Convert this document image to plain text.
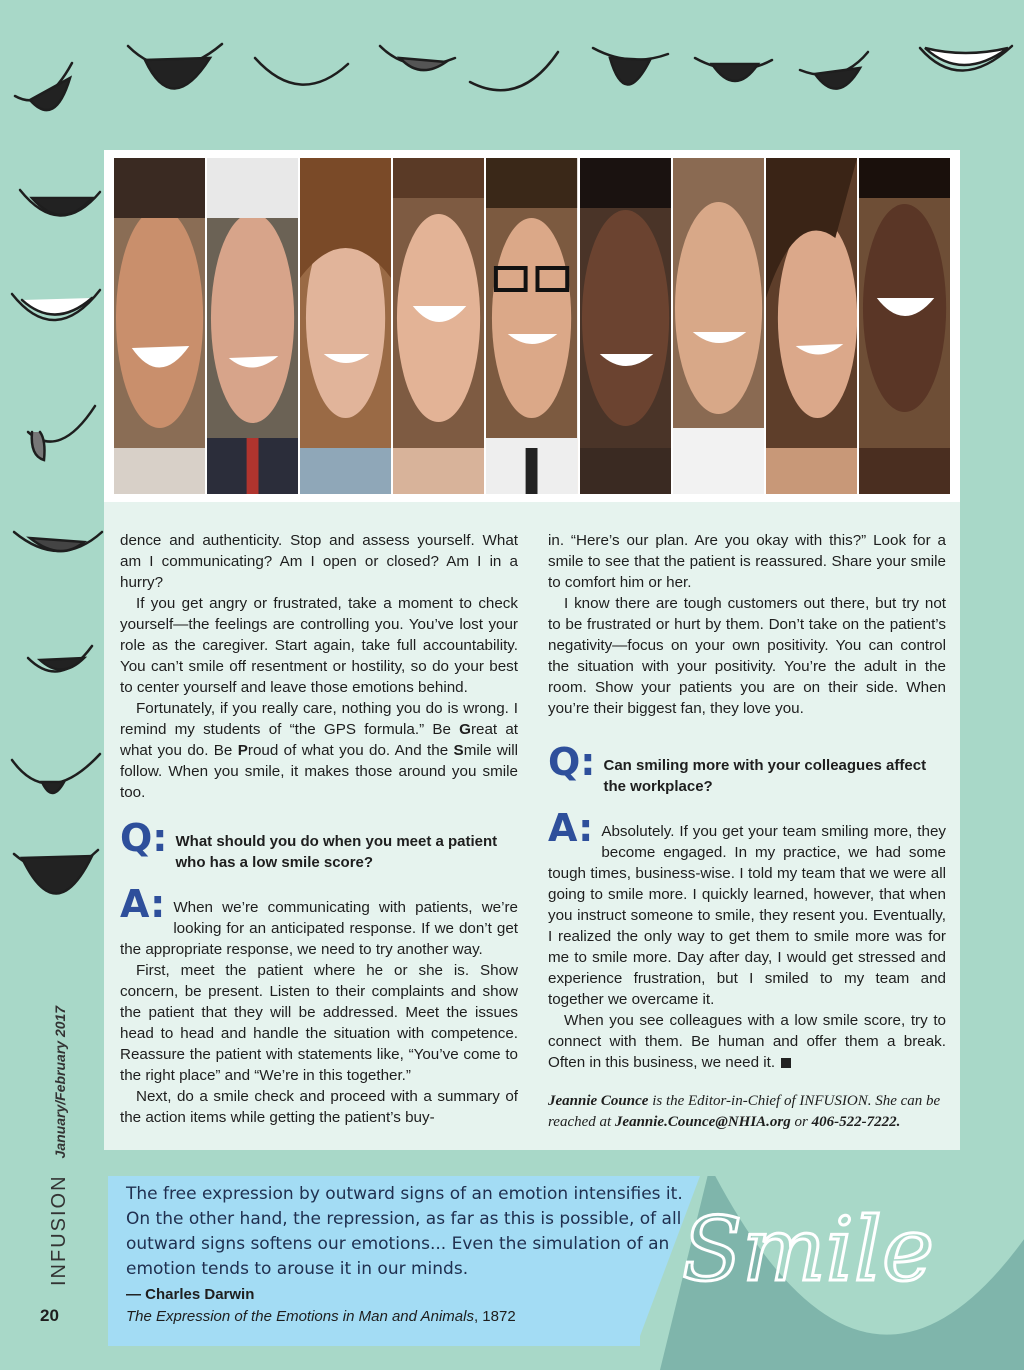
dence and authenticity. Stop and assess yourself. What am I communicating? Am I open or closed? Am I in a hurry?

If you get angry or frustrated, take a moment to check yourself—the feelings are controlling you. You’ve lost your role as the caregiver. Start again, take full accountability. You can’t smile off resentment or hostility, so do your best to center yourself and leave those emotions behind.

Fortunately, if you really care, nothing you do is wrong. I remind my students of “the GPS formula.” Be Great at what you do. Be Proud of what you do. And the Smile will follow. When you smile, it makes those around you smile too.

Q: What should you do when you meet a patient who has a low smile score?
A: When we’re communicating with patients, we’re looking for an anticipated response. If we don’t get the appropriate response, we need to try another way.

First, meet the patient where he or she is. Show concern, be present. Listen to their complaints and show the patient that they will be addressed. Meet the issues head to head and handle the situation with competence. Reassure the patient with statements like, “You’ve come to the right place” and “We’re in this together.”

Next, do a smile check and proceed with a summary of the action items while getting the patient’s buy-

in. “Here’s our plan. Are you okay with this?” Look for a smile to see that the patient is reassured. Share your smile to comfort him or her.

I know there are tough customers out there, but try not to be frustrated or hurt by them. Don’t take on the patient’s negativity—focus on your own positivity. You can control the situation with your positivity. You’re the adult in the room. Show your patients you are on their side. When you’re their biggest fan, they love you.

Q: Can smiling more with your colleagues affect the workplace?
A: Absolutely. If you get your team smiling more, they become engaged. In my practice, we had some tough times, business-wise. I told my team that we were all going to smile more. I quickly learned, however, that when you instruct someone to smile, they resent you. Eventually, I realized the only way to get them to smile more was for me to smile more. Day after day, I would get stressed and experience frustration, but I smiled to my team and together we overcame it.

When you see colleagues with a low smile score, try to connect with them. Be human and offer them a break. Often in this business, we need it.

Jeannie Counce is the Editor-in-Chief of INFUSION. She can be reached at Jeannie.Counce@NHIA.org or 406-522-7222.
INFUSION
January/February 2017
20
Smile
The free expression by outward signs of an emotion intensifies it. On the other hand, the repression, as far as this is possible, of all outward signs softens our emotions... Even the simulation of an emotion tends to arouse it in our minds.
— Charles Darwin
The Expression of the Emotions in Man and Animals, 1872
